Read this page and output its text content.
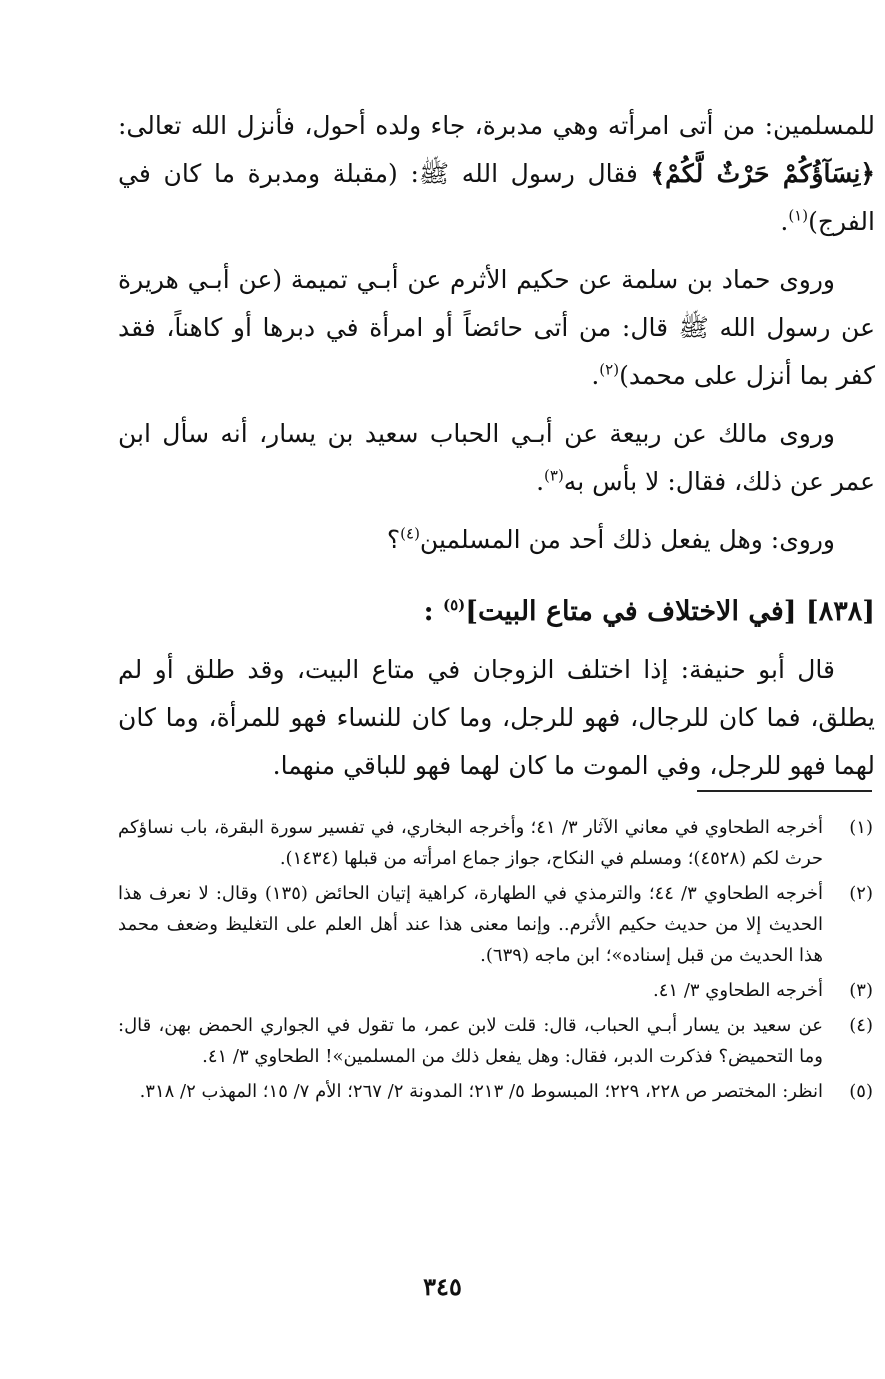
للمسلمين: من أتى امرأته وهي مدبرة، جاء ولده أحول، فأنزل الله تعالى: ﴿نِسَآؤُكُمْ حَرْثٌ لَّكُمْ﴾ فقال رسول الله ﷺ: (مقبلة ومدبرة ما كان في الفرج)$^{(١)}$.

وروى حماد بن سلمة عن حكيم الأثرم عن أبـي تميمة (عن أبـي هريرة عن رسول الله ﷺ قال: من أتى حائضاً أو امرأة في دبرها أو كاهناً، فقد كفر بما أنزل على محمد)$^{(٢)}$.

وروى مالك عن ربيعة عن أبـي الحباب سعيد بن يسار، أنه سأل ابن عمر عن ذلك، فقال: لا بأس به$^{(٣)}$.

وروى: وهل يفعل ذلك أحد من المسلمين$^{(٤)}$؟

[٨٣٨] [في الاختلاف في متاع البيت]$^{(٥)}$ :

قال أبو حنيفة: إذا اختلف الزوجان في متاع البيت، وقد طلق أو لم يطلق، فما كان للرجال، فهو للرجل، وما كان للنساء فهو للمرأة، وما كان لهما فهو للرجل، وفي الموت ما كان لهما فهو للباقي منهما.

(١)
أخرجه الطحاوي في معاني الآثار ٣/ ٤١؛ وأخرجه البخاري، في تفسير سورة البقرة، باب نساؤكم حرث لكم (٤٥٢٨)؛ ومسلم في النكاح، جواز جماع امرأته من قبلها (١٤٣٤).
(٢)
أخرجه الطحاوي ٣/ ٤٤؛ والترمذي في الطهارة، كراهية إتيان الحائض (١٣٥) وقال: لا نعرف هذا الحديث إلا من حديث حكيم الأثرم.. وإنما معنى هذا عند أهل العلم على التغليظ وضعف محمد هذا الحديث من قبل إسناده»؛ ابن ماجه (٦٣٩).
(٣)
أخرجه الطحاوي ٣/ ٤١.
(٤)
عن سعيد بن يسار أبـي الحباب، قال: قلت لابن عمر، ما تقول في الجواري الحمض بهن، قال: وما التحميض؟ فذكرت الدبر، فقال: وهل يفعل ذلك من المسلمين»! الطحاوي ٣/ ٤١.
(٥)
انظر: المختصر ص ٢٢٨، ٢٢٩؛ المبسوط ٥/ ٢١٣؛ المدونة ٢/ ٢٦٧؛ الأم ٧/ ١٥؛ المهذب ٢/ ٣١٨.
٣٤٥
